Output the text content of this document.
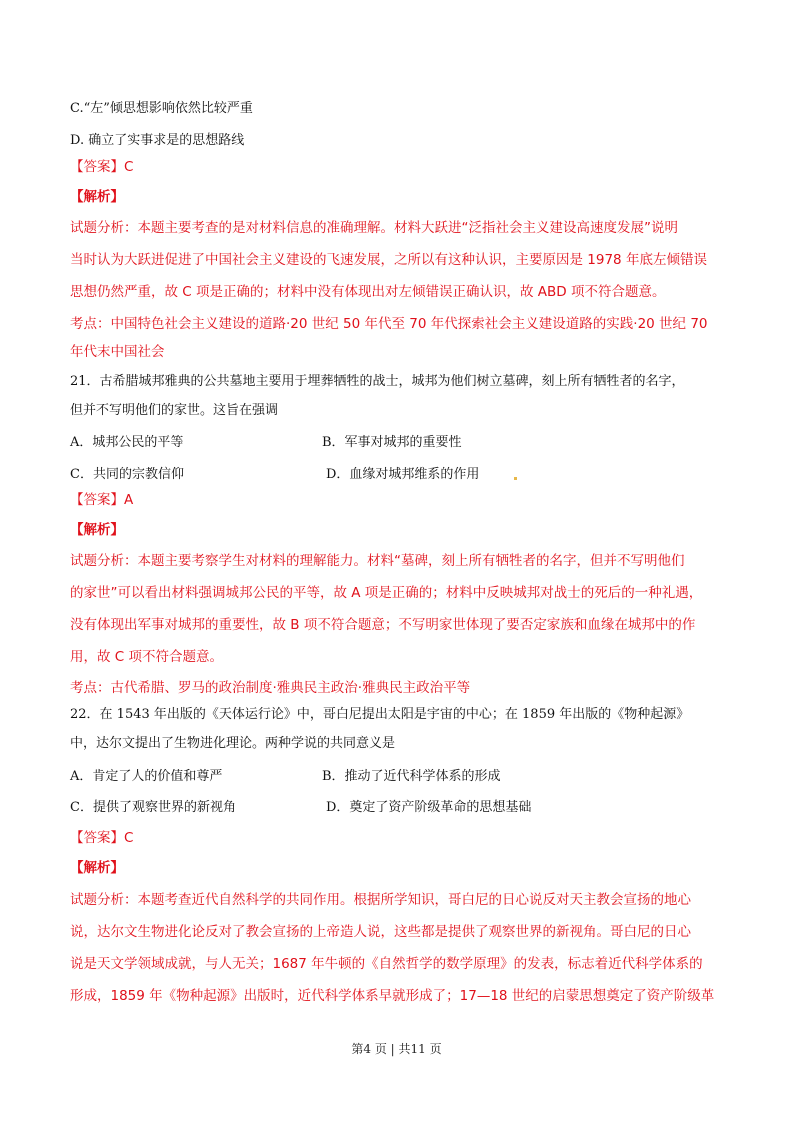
C.“左”倾思想影响依然比较严重
D. 确立了实事求是的思想路线
【答案】C
【解析】
试题分析：本题主要考查的是对材料信息的准确理解。材料大跃进“泛指社会主义建设高速度发展”说明
当时认为大跃进促进了中国社会主义建设的飞速发展，之所以有这种认识，主要原因是 1978 年底左倾错误
思想仍然严重，故 C 项是正确的；材料中没有体现出对左倾错误正确认识，故 ABD 项不符合题意。
考点：中国特色社会主义建设的道路·20 世纪 50 年代至 70 年代探索社会主义建设道路的实践·20 世纪 70
年代末中国社会
21．古希腊城邦雅典的公共墓地主要用于埋葬牺牲的战士，城邦为他们树立墓碑，刻上所有牺牲者的名字，
但并不写明他们的家世。这旨在强调
A．城邦公民的平等	B．军事对城邦的重要性
C．共同的宗教信仰	D．血缘对城邦维系的作用
【答案】A
【解析】
试题分析：本题主要考察学生对材料的理解能力。材料“墓碑，刻上所有牺牲者的名字，但并不写明他们
的家世”可以看出材料强调城邦公民的平等，故 A 项是正确的；材料中反映城邦对战士的死后的一种礼遇，
没有体现出军事对城邦的重要性，故 B 项不符合题意；不写明家世体现了要否定家族和血缘在城邦中的作
用，故 C 项不符合题意。
考点：古代希腊、罗马的政治制度·雅典民主政治·雅典民主政治平等
22．在 1543 年出版的《天体运行论》中，哥白尼提出太阳是宇宙的中心；在 1859 年出版的《物种起源》
中，达尔文提出了生物进化理论。两种学说的共同意义是
A．肯定了人的价值和尊严	B．推动了近代科学体系的形成
C．提供了观察世界的新视角	D．奠定了资产阶级革命的思想基础
【答案】C
【解析】
试题分析：本题考查近代自然科学的共同作用。根据所学知识，哥白尼的日心说反对天主教会宣扬的地心
说，达尔文生物进化论反对了教会宣扬的上帝造人说，这些都是提供了观察世界的新视角。哥白尼的日心
说是天文学领域成就，与人无关；1687 年牛顿的《自然哲学的数学原理》的发表，标志着近代科学体系的
形成，1859 年《物种起源》出版时，近代科学体系早就形成了；17—18 世纪的启蒙思想奠定了资产阶级革
第4 页 | 共11 页
